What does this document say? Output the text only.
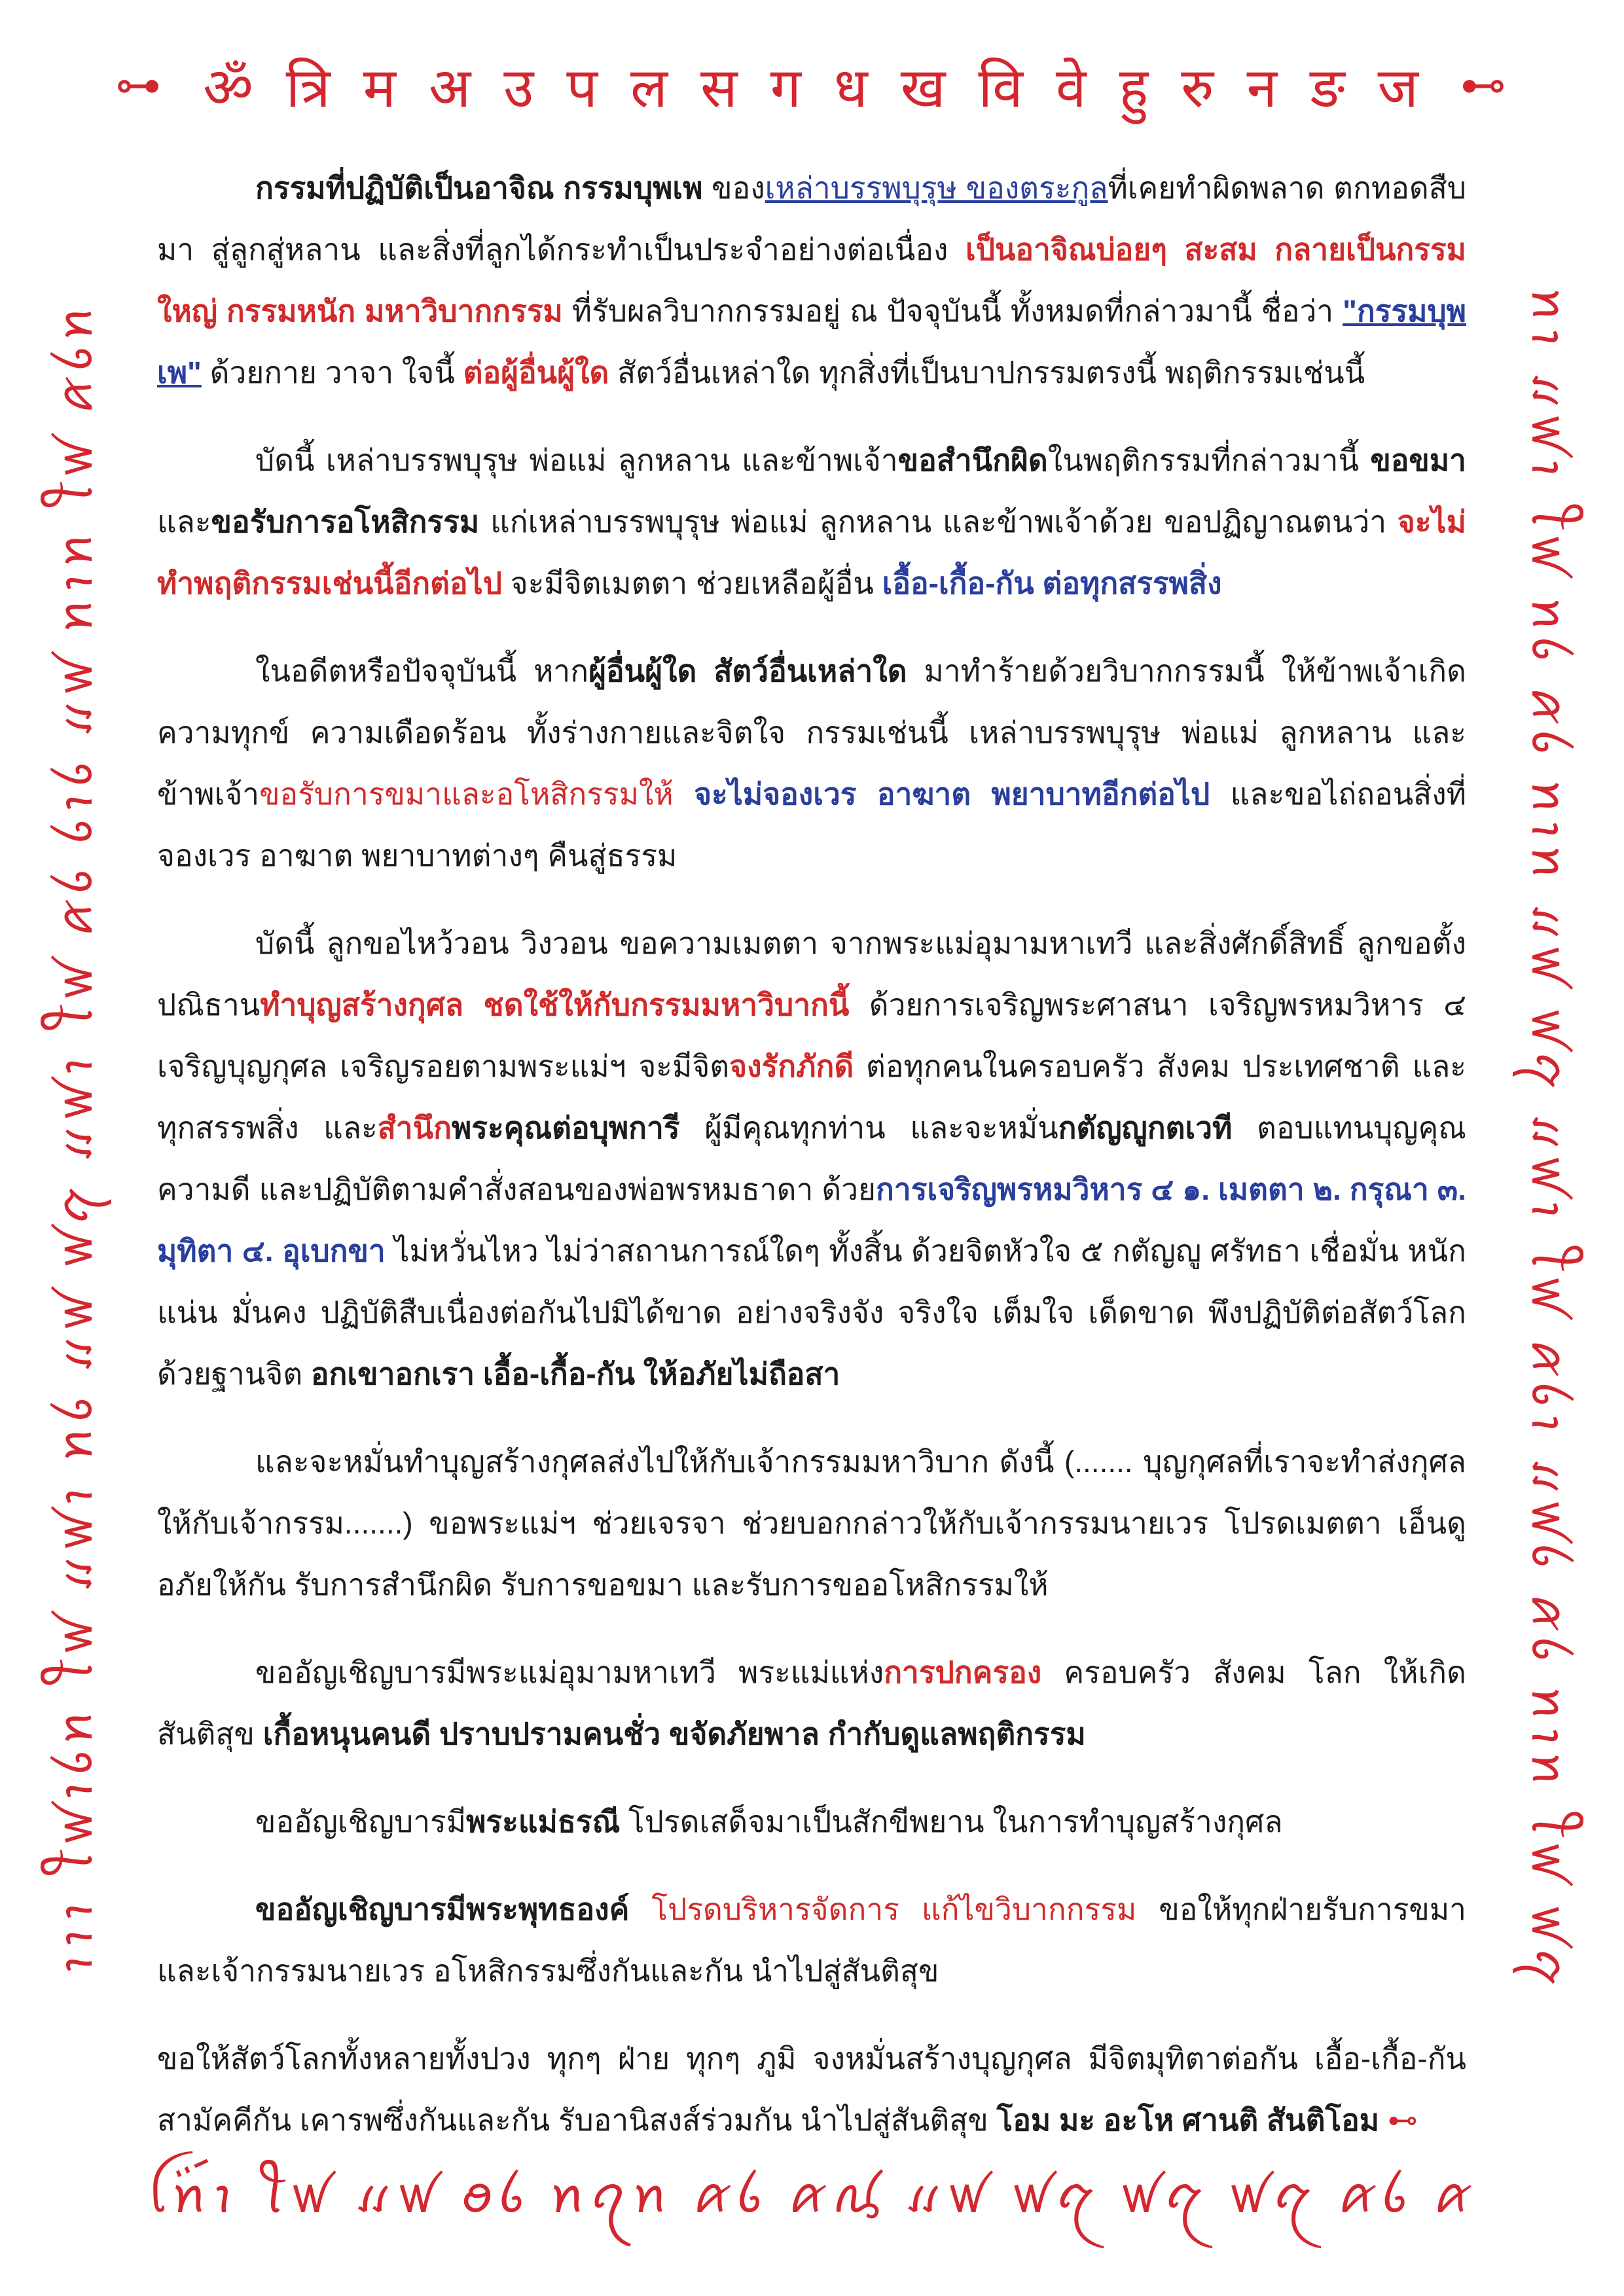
⊶ ॐ त्रि म अ उ प ल स ग ध ख वि वे हु रु न ङ ज ⊷
ꪱꪱꪱ ꪻꪝꪱꪉꪀ ꪻꪝ ꪵꪝꪱ ꪀꪉ ꪵꪝ ꪝꪋ ꪵꪝꪱ ꪻꪝ ꪁꪉ ꪉꪱꪉ ꪵꪝ ꪀꪱꪀ ꪻꪝ ꪁꪉꪀ	ꪀꪱ ꪵꪝꪱ ꪻꪝ ꪀꪉ ꪁꪉ ꪀꪱꪀ ꪵꪝ ꪝꪋ ꪵꪝꪱ ꪻꪝ ꪁꪉꪱ ꪵꪝꪉ ꪁꪉ ꪀꪱꪀ ꪻꪝ ꪝꪋ

กรรมที่ปฏิบัติเป็นอาจิณ กรรมบุพเพ ของเหล่าบรรพบุรุษ ของตระกูลที่เคยทำผิดพลาด ตกทอดสืบมา สู่ลูกสู่หลาน และสิ่งที่ลูกได้กระทำเป็นประจำอย่างต่อเนื่อง เป็นอาจิณบ่อยๆ สะสม กลายเป็นกรรมใหญ่ กรรมหนัก มหาวิบากกรรม ที่รับผลวิบากกรรมอยู่ ณ ปัจจุบันนี้ ทั้งหมดที่กล่าวมานี้ ชื่อว่า "กรรมบุพเพ" ด้วยกาย วาจา ใจนี้ ต่อผู้อื่นผู้ใด สัตว์อื่นเหล่าใด ทุกสิ่งที่เป็นบาปกรรมตรงนี้ พฤติกรรมเช่นนี้

บัดนี้ เหล่าบรรพบุรุษ พ่อแม่ ลูกหลาน และข้าพเจ้าขอสำนึกผิดในพฤติกรรมที่กล่าวมานี้ ขอขมา และขอรับการอโหสิกรรม แก่เหล่าบรรพบุรุษ พ่อแม่ ลูกหลาน และข้าพเจ้าด้วย ขอปฏิญาณตนว่า จะไม่ทำพฤติกรรมเช่นนี้อีกต่อไป จะมีจิตเมตตา ช่วยเหลือผู้อื่น เอื้อ-เกื้อ-กัน ต่อทุกสรรพสิ่ง

ในอดีตหรือปัจจุบันนี้ หากผู้อื่นผู้ใด สัตว์อื่นเหล่าใด มาทำร้ายด้วยวิบากกรรมนี้ ให้ข้าพเจ้าเกิดความทุกข์ ความเดือดร้อน ทั้งร่างกายและจิตใจ กรรมเช่นนี้ เหล่าบรรพบุรุษ พ่อแม่ ลูกหลาน และข้าพเจ้าขอรับการขมาและอโหสิกรรมให้ จะไม่จองเวร อาฆาต พยาบาทอีกต่อไป และขอไถ่ถอนสิ่งที่จองเวร อาฆาต พยาบาทต่างๆ คืนสู่ธรรม

บัดนี้ ลูกขอไหว้วอน วิงวอน ขอความเมตตา จากพระแม่อุมามหาเทวี และสิ่งศักดิ์สิทธิ์ ลูกขอตั้งปณิธานทำบุญสร้างกุศล ชดใช้ให้กับกรรมมหาวิบากนี้ ด้วยการเจริญพระศาสนา เจริญพรหมวิหาร ๔ เจริญบุญกุศล เจริญรอยตามพระแม่ฯ จะมีจิตจงรักภักดี ต่อทุกคนในครอบครัว สังคม ประเทศชาติ และทุกสรรพสิ่ง และสำนึกพระคุณต่อบุพการี ผู้มีคุณทุกท่าน และจะหมั่นกตัญญูกตเวที ตอบแทนบุญคุณ ความดี และปฏิบัติตามคำสั่งสอนของพ่อพรหมธาดา ด้วยการเจริญพรหมวิหาร ๔ ๑. เมตตา ๒. กรุณา ๓. มุทิตา ๔. อุเบกขา ไม่หวั่นไหว ไม่ว่าสถานการณ์ใดๆ ทั้งสิ้น ด้วยจิตหัวใจ ๕ กตัญญู ศรัทธา เชื่อมั่น หนักแน่น มั่นคง ปฏิบัติสืบเนื่องต่อกันไปมิได้ขาด อย่างจริงจัง จริงใจ เต็มใจ เด็ดขาด พึงปฏิบัติต่อสัตว์โลกด้วยฐานจิต อกเขาอกเรา เอื้อ-เกื้อ-กัน ให้อภัยไม่ถือสา

และจะหมั่นทำบุญสร้างกุศลส่งไปให้กับเจ้ากรรมมหาวิบาก ดังนี้ (....... บุญกุศลที่เราจะทำส่งกุศลให้กับเจ้ากรรม.......) ขอพระแม่ฯ ช่วยเจรจา ช่วยบอกกล่าวให้กับเจ้ากรรมนายเวร โปรดเมตตา เอ็นดู อภัยให้กัน รับการสำนึกผิด รับการขอขมา และรับการขออโหสิกรรมให้

ขออัญเชิญบารมีพระแม่อุมามหาเทวี พระแม่แห่งการปกครอง ครอบครัว สังคม โลก ให้เกิดสันติสุข เกื้อหนุนคนดี ปราบปรามคนชั่ว ขจัดภัยพาล กำกับดูแลพฤติกรรม

ขออัญเชิญบารมีพระแม่ธรณี โปรดเสด็จมาเป็นสักขีพยาน ในการทำบุญสร้างกุศล

ขออัญเชิญบารมีพระพุทธองค์ โปรดบริหารจัดการ แก้ไขวิบากกรรม ขอให้ทุกฝ่ายรับการขมา และเจ้ากรรมนายเวร อโหสิกรรมซึ่งกันและกัน นำไปสู่สันติสุข

ขอให้สัตว์โลกทั้งหลายทั้งปวง ทุกๆ ฝ่าย ทุกๆ ภูมิ จงหมั่นสร้างบุญกุศล มีจิตมุทิตาต่อกัน เอื้อ-เกื้อ-กัน สามัคคีกัน เคารพซึ่งกันและกัน รับอานิสงส์ร่วมกัน นำไปสู่สันติสุข โอม มะ อะโห ศานติ สันติโอม ⊷

ꪶꪀꪾꪱ ꪻꪝ ꪵꪝ ꪮꪉ ꪀꪖꪀ ꪁꪉ ꪁꪂ ꪵꪝ ꪝꪋ ꪝꪋ ꪝꪋ ꪁꪉ ꪁ
